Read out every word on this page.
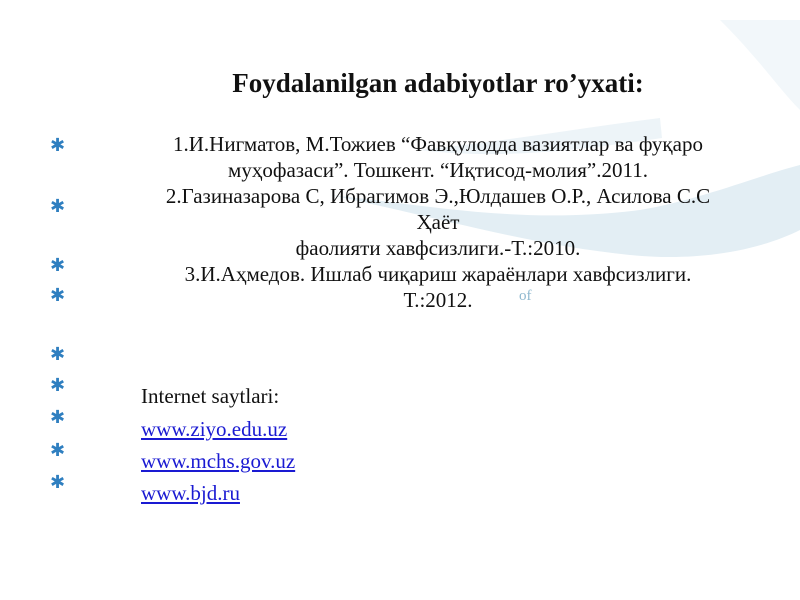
Foydalanilgan adabiyotlar ro’yxati:
1.И.Нигматов, М.Тожиев “Фавқулодда вазиятлар ва фуқаро
муҳофазаси”. Тошкент. “Иқтисод-молия”.2011.
2.Газиназарова С, Ибрагимов Э.,Юлдашев О.Р., Асилова С.С
Ҳаёт
фаолияти хавфсизлиги.-Т.:2010.
3.И.Аҳмедов. Ишлаб чиқариш жараёнлари хавфсизлиги.
Т.:2012.	of
Internet saytlari:
www.ziyo.edu.uz
www.mchs.gov.uz
www.bjd.ru
✱
✱
✱
✱
✱
✱
✱
✱
✱
